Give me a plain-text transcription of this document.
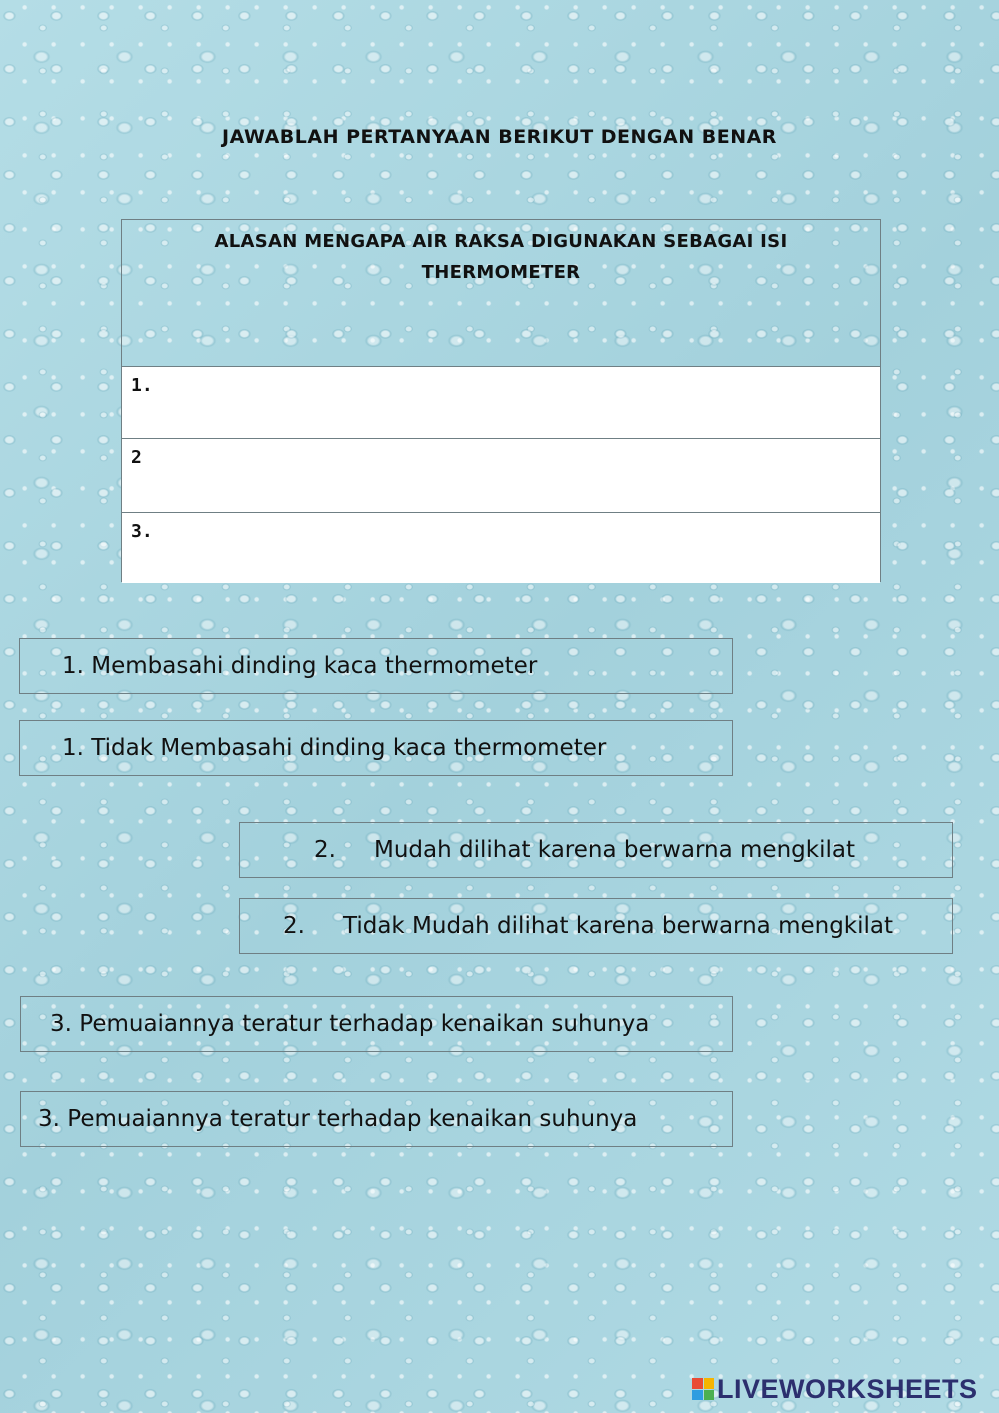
JAWABLAH PERTANYAAN BERIKUT DENGAN BENAR
ALASAN MENGAPA AIR RAKSA DIGUNAKAN SEBAGAI ISI
THERMOMETER
1.
2
3.
1.
Membasahi dinding kaca thermometer
1.
Tidak Membasahi dinding kaca thermometer
2.	Mudah dilihat karena berwarna mengkilat
2.	Tidak Mudah dilihat karena berwarna mengkilat
3.
Pemuaiannya teratur terhadap kenaikan suhunya
3.
Pemuaiannya teratur terhadap kenaikan suhunya
LIVEWORKSHEETS
